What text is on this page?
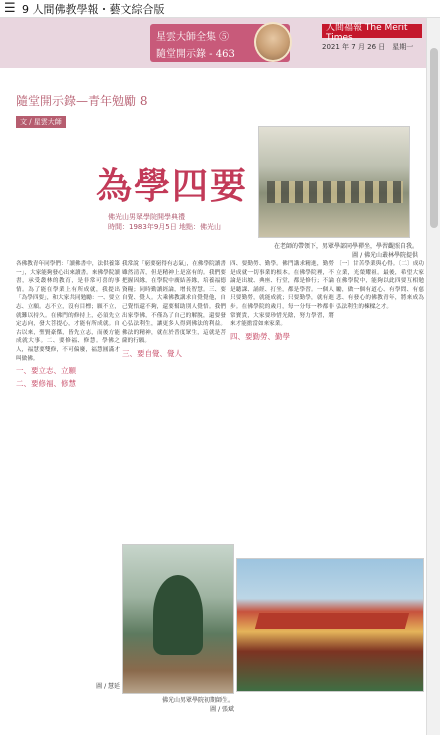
☰ 9 人間佛教學報・藝文綜合版
星雲大師全集 ⑤
隨堂開示錄 - 463
人間福報 The Merit Times
2021 年 7 月 26 日　星期一
隨堂開示錄—青年勉勵 8
文 / 星雲大師
為學四要
佛光山男眾學院開學典禮
時間：1983年9月5日 地點：佛光山
在老師的帶領下，男眾學部同學禪坐，學習觀照自我。
圖 / 佛光山叢林學院提供
各佛教青年同學們：「讀佛書中，法供養第一」，大家能夠發心出來讀書。來佛學院讀書，承受叢林的教育，是非常可喜的事情。為了能在學業上有所成就，我提出「為學四要」，和大家共同勉勵：一、要立志、立願。志不立，沒有目標；願不立，就難以持久。在佛門的修持上，必須先立定志向，發大菩提心，才能有所成就。自古以來，聖賢豪傑，皆先立志，而後方能成就大事。二、要修福、修慧。學佛之人，福慧要雙修，不可偏廢，福慧圓滿才叫做佛。
一、要立志、立願
二、要修福、修慧
我常說「窮要窮得有志氣」，在佛學院讀書雖然清苦，但是精神上是富有的。我們要把握因緣，在學院中廣結善緣，培養福德資糧；同時勤讀經論，增長智慧。三、要自覺、覺人。大乘佛教講求自覺覺他，自己覺悟還不夠，還要幫助別人覺悟。我們出家學佛，不僅為了自己的解脫，還要發心弘法利生，讓更多人得到佛法的利益。佛法的精神，就在於普度眾生，這就是菩薩的行願。
三、要自覺、覺人
四、要勤勞、勤學。佛門講求精進，勤勞是成就一切事業的根本。在佛學院裡，不論是出坡、典座、行堂，都是修行；不論是聽課、誦經、打坐，都是學習。一個人只要勤勞，就能成就；只要勤學，就有進步。在佛學院的歲月，每一分每一秒都非常寶貴，大家要珍惜光陰，努力學習，將來才能擔當如來家業。
四、要勤勞、勤學
〔一〕甘苦學業與心得。〔二〕成功立業，光榮耀祖。最後，希望大家在佛學院中，能夠以此四要互相勉勵，做一個有道心、有學問、有慈悲、有發心的佛教青年，將來成為弘法利生的棟樑之才。
佛光山男眾學院初期師生。
圖 / 張斌
圖 / 慧延
